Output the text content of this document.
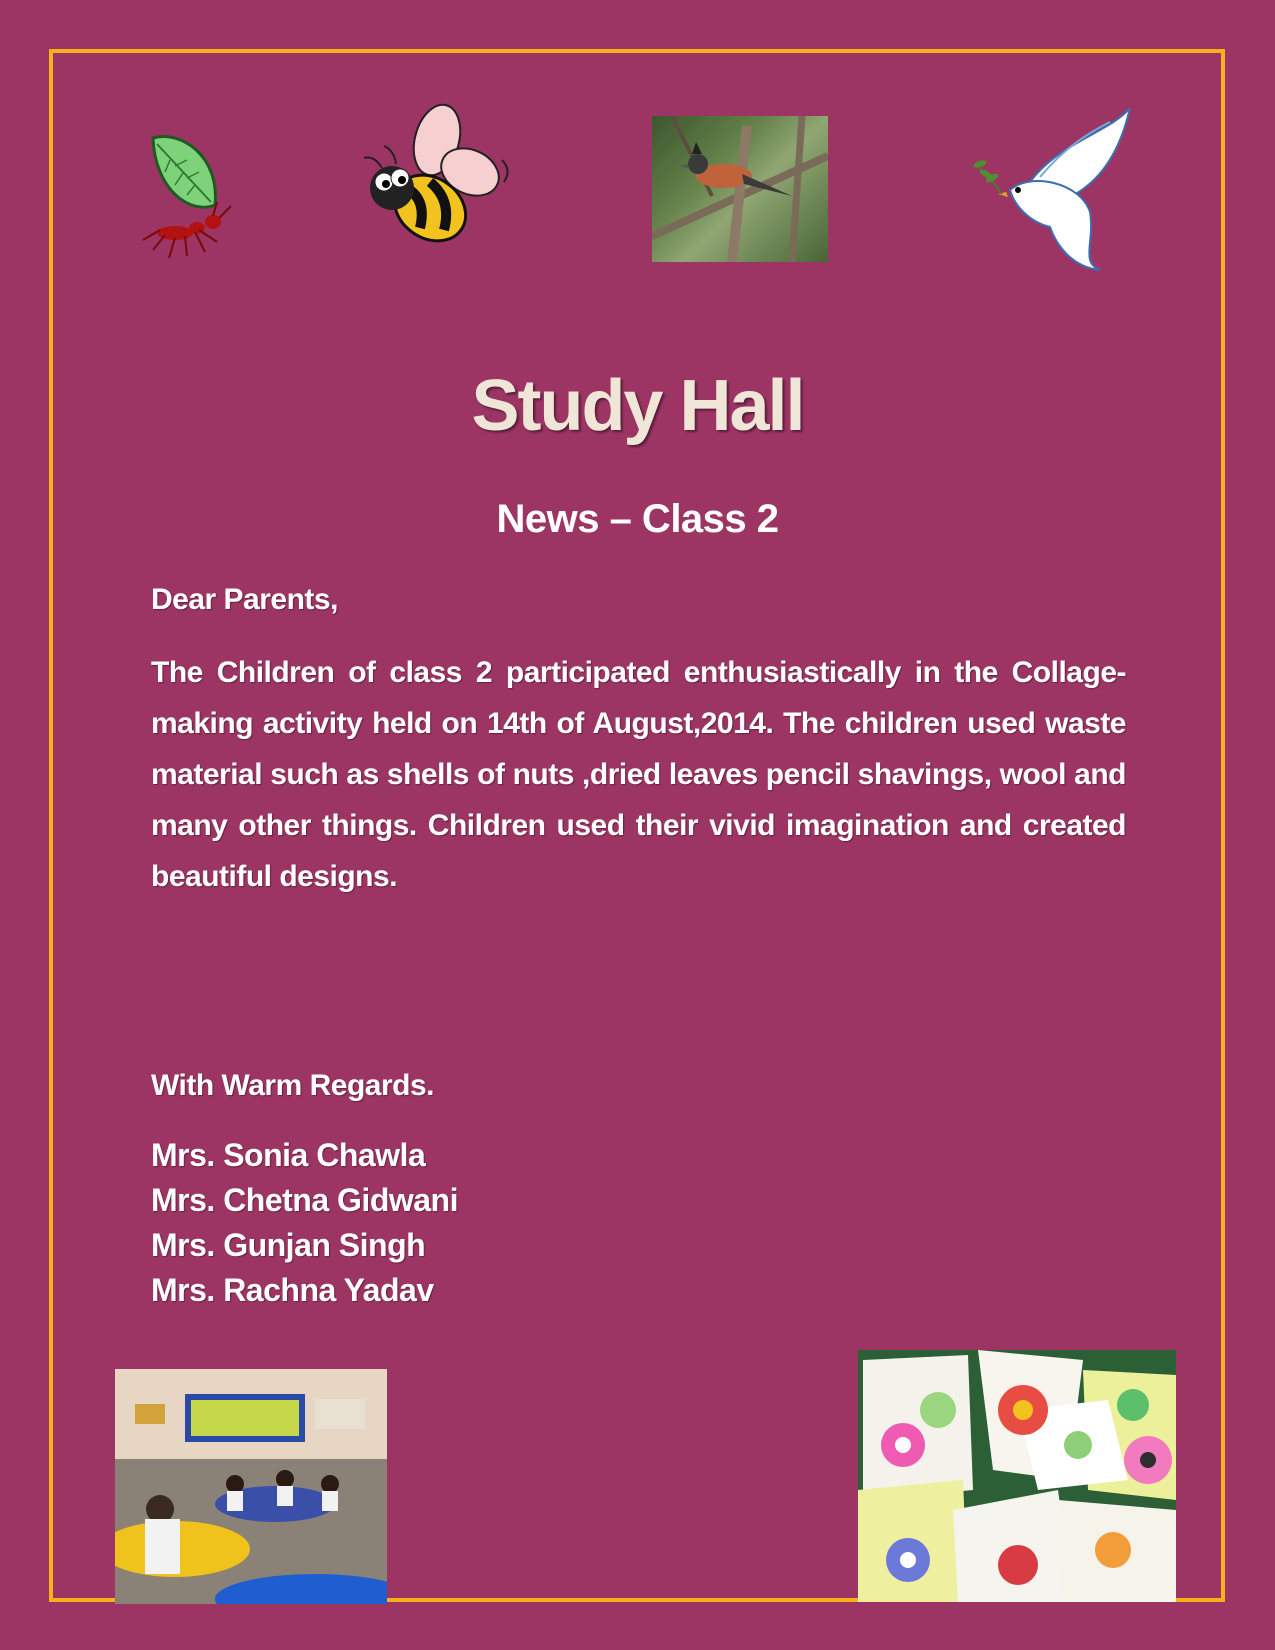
Study Hall
News – Class 2
Dear Parents,
The Children of class 2 participated enthusiastically in the Collage-making activity held on 14th of August,2014. The children used waste material such as shells of nuts ,dried leaves pencil shavings, wool and many other things. Children used their vivid imagination and created beautiful designs.
With Warm Regards.
Mrs. Sonia Chawla
Mrs. Chetna Gidwani
Mrs. Gunjan Singh
Mrs. Rachna Yadav
